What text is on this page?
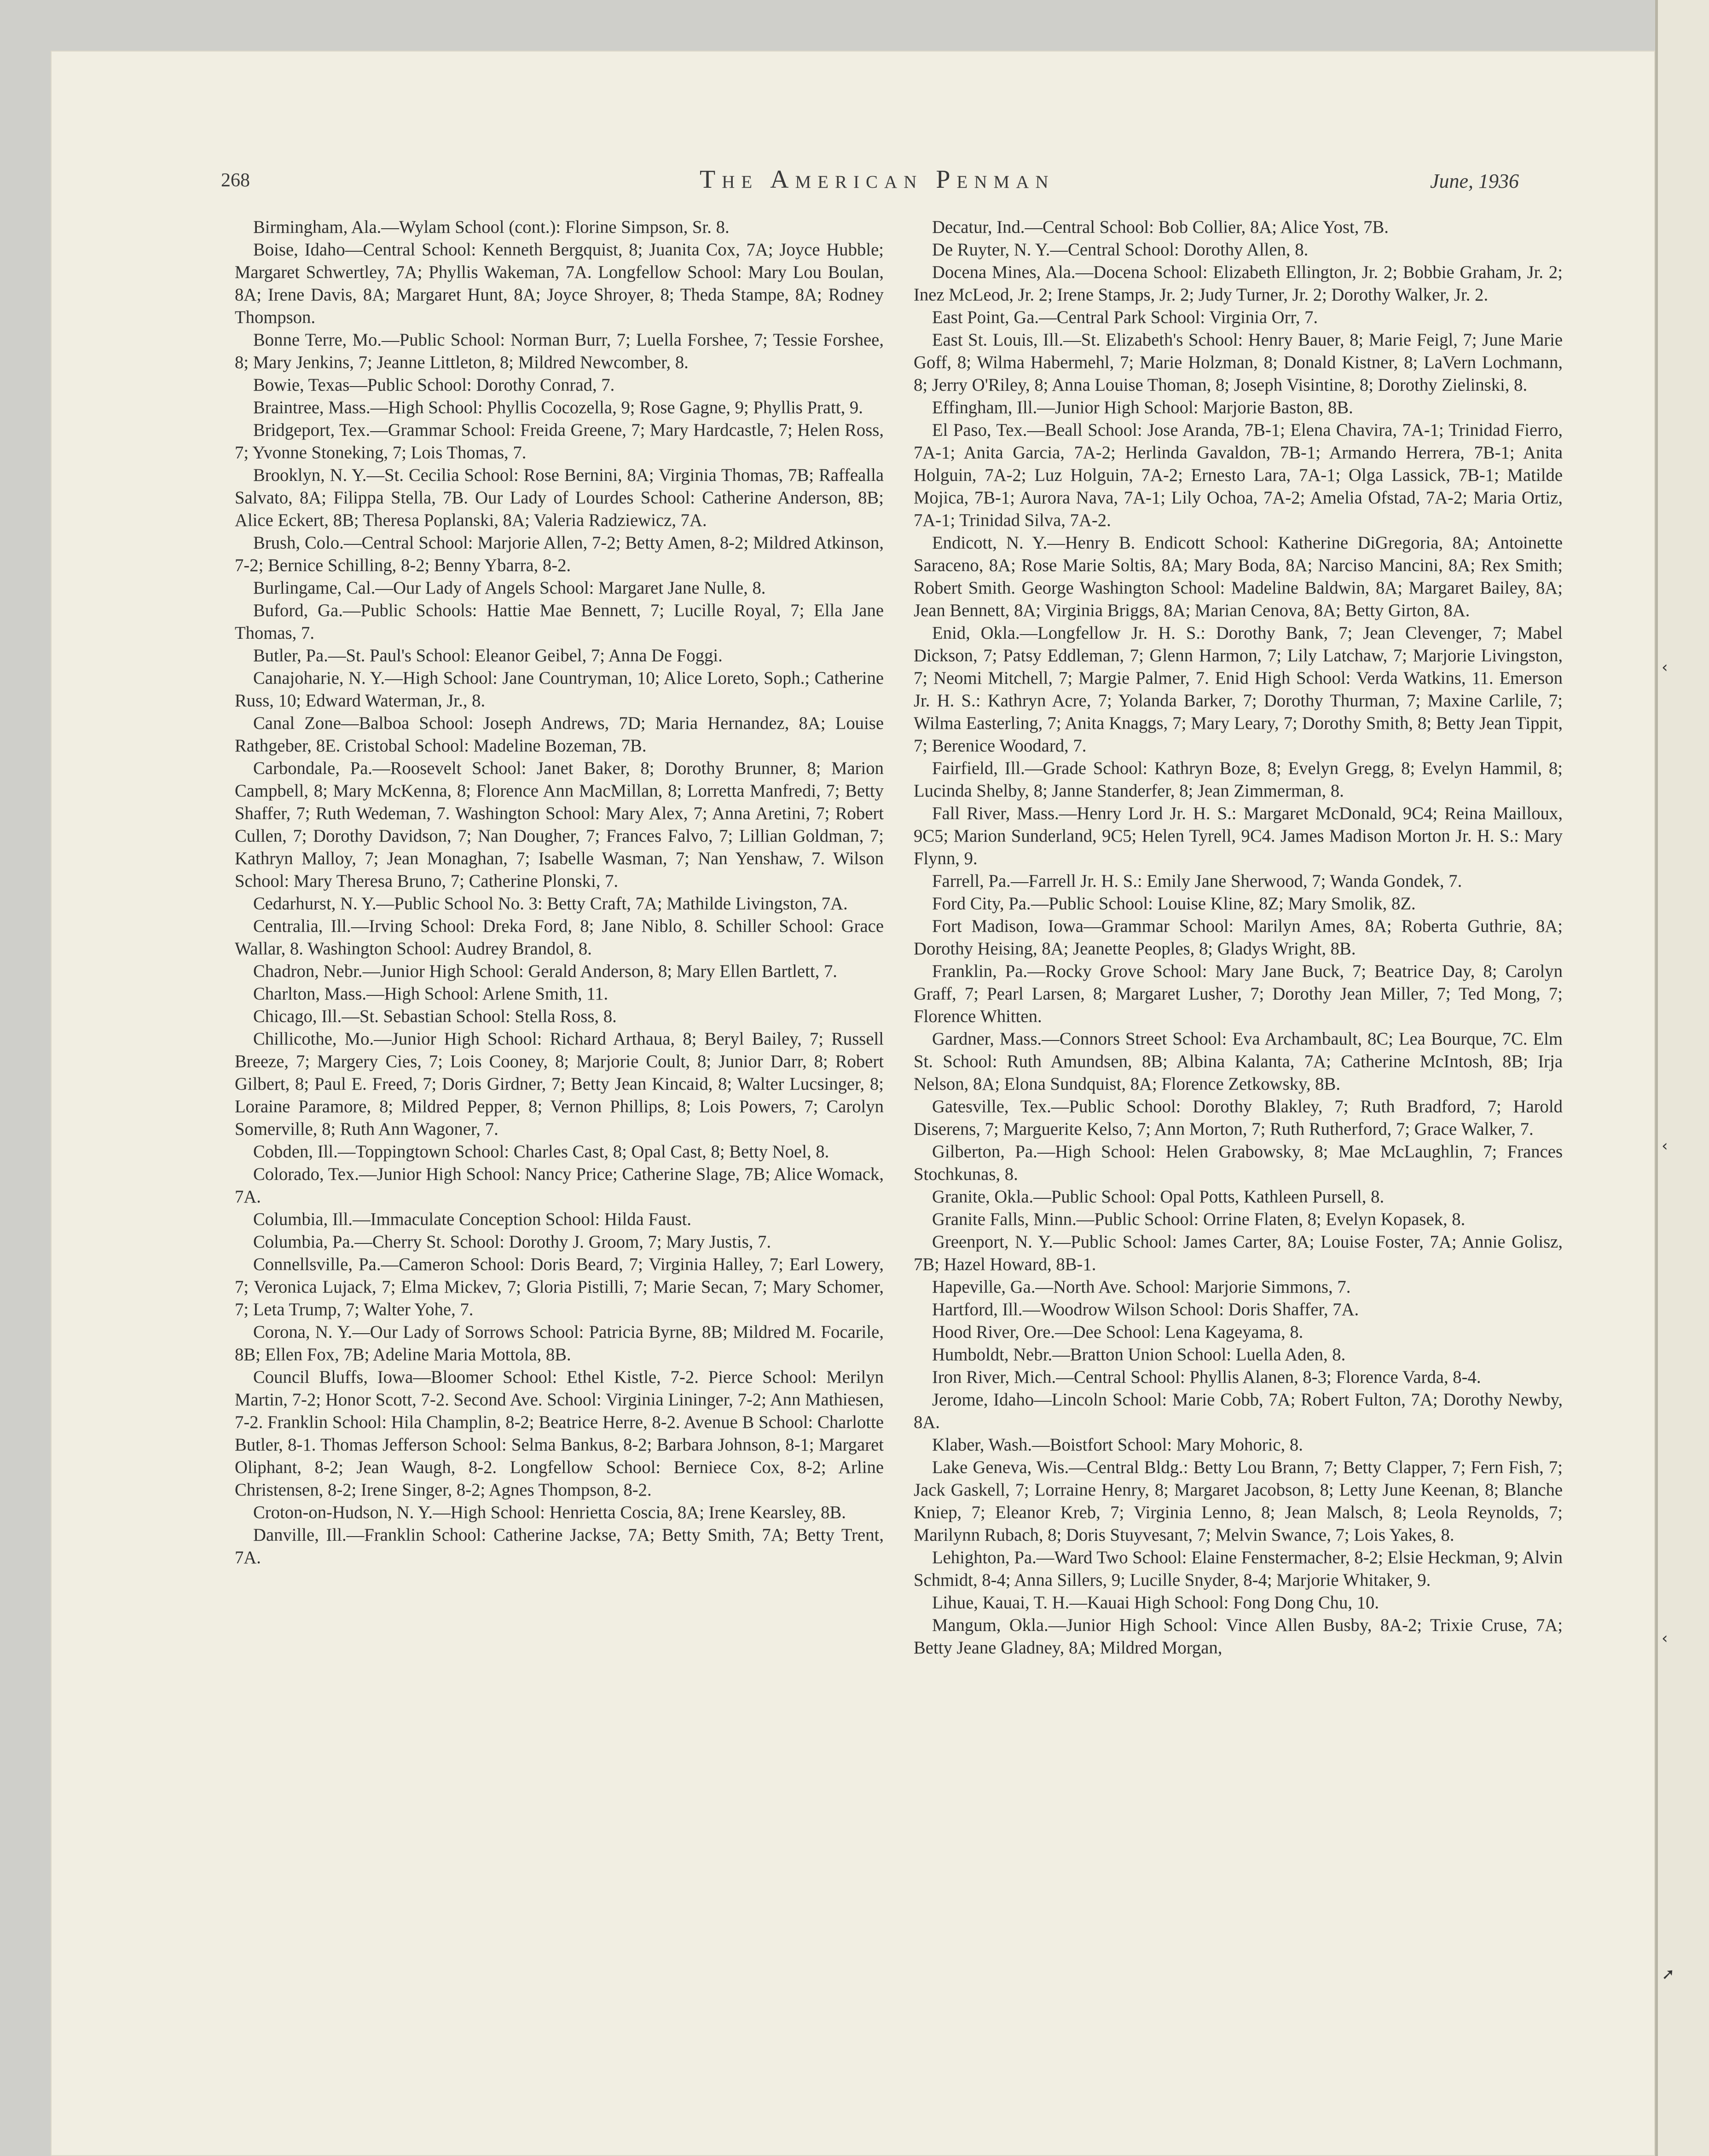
268	The American Penman	June, 1936

Birmingham, Ala.—Wylam School (cont.): Florine Simpson, Sr. 8.

Boise, Idaho—Central School: Kenneth Bergquist, 8; Juanita Cox, 7A; Joyce Hubble; Margaret Schwertley, 7A; Phyllis Wakeman, 7A. Longfellow School: Mary Lou Boulan, 8A; Irene Davis, 8A; Margaret Hunt, 8A; Joyce Shroyer, 8; Theda Stampe, 8A; Rodney Thompson.

Bonne Terre, Mo.—Public School: Norman Burr, 7; Luella Forshee, 7; Tessie Forshee, 8; Mary Jenkins, 7; Jeanne Littleton, 8; Mildred Newcomber, 8.

Bowie, Texas—Public School: Dorothy Conrad, 7.

Braintree, Mass.—High School: Phyllis Cocozella, 9; Rose Gagne, 9; Phyllis Pratt, 9.

Bridgeport, Tex.—Grammar School: Freida Greene, 7; Mary Hardcastle, 7; Helen Ross, 7; Yvonne Stoneking, 7; Lois Thomas, 7.

Brooklyn, N. Y.—St. Cecilia School: Rose Bernini, 8A; Virginia Thomas, 7B; Raffealla Salvato, 8A; Filippa Stella, 7B. Our Lady of Lourdes School: Catherine Anderson, 8B; Alice Eckert, 8B; Theresa Poplanski, 8A; Valeria Radziewicz, 7A.

Brush, Colo.—Central School: Marjorie Allen, 7-2; Betty Amen, 8-2; Mildred Atkinson, 7-2; Bernice Schilling, 8-2; Benny Ybarra, 8-2.

Burlingame, Cal.—Our Lady of Angels School: Margaret Jane Nulle, 8.

Buford, Ga.—Public Schools: Hattie Mae Bennett, 7; Lucille Royal, 7; Ella Jane Thomas, 7.

Butler, Pa.—St. Paul's School: Eleanor Geibel, 7; Anna De Foggi.

Canajoharie, N. Y.—High School: Jane Countryman, 10; Alice Loreto, Soph.; Catherine Russ, 10; Edward Waterman, Jr., 8.

Canal Zone—Balboa School: Joseph Andrews, 7D; Maria Hernandez, 8A; Louise Rathgeber, 8E. Cristobal School: Madeline Bozeman, 7B.

Carbondale, Pa.—Roosevelt School: Janet Baker, 8; Dorothy Brunner, 8; Marion Campbell, 8; Mary McKenna, 8; Florence Ann MacMillan, 8; Lorretta Manfredi, 7; Betty Shaffer, 7; Ruth Wedeman, 7. Washington School: Mary Alex, 7; Anna Aretini, 7; Robert Cullen, 7; Dorothy Davidson, 7; Nan Dougher, 7; Frances Falvo, 7; Lillian Goldman, 7; Kathryn Malloy, 7; Jean Monaghan, 7; Isabelle Wasman, 7; Nan Yenshaw, 7. Wilson School: Mary Theresa Bruno, 7; Catherine Plonski, 7.

Cedarhurst, N. Y.—Public School No. 3: Betty Craft, 7A; Mathilde Livingston, 7A.

Centralia, Ill.—Irving School: Dreka Ford, 8; Jane Niblo, 8. Schiller School: Grace Wallar, 8. Washington School: Audrey Brandol, 8.

Chadron, Nebr.—Junior High School: Gerald Anderson, 8; Mary Ellen Bartlett, 7.

Charlton, Mass.—High School: Arlene Smith, 11.

Chicago, Ill.—St. Sebastian School: Stella Ross, 8.

Chillicothe, Mo.—Junior High School: Richard Arthaua, 8; Beryl Bailey, 7; Russell Breeze, 7; Margery Cies, 7; Lois Cooney, 8; Marjorie Coult, 8; Junior Darr, 8; Robert Gilbert, 8; Paul E. Freed, 7; Doris Girdner, 7; Betty Jean Kincaid, 8; Walter Lucsinger, 8; Loraine Paramore, 8; Mildred Pepper, 8; Vernon Phillips, 8; Lois Powers, 7; Carolyn Somerville, 8; Ruth Ann Wagoner, 7.

Cobden, Ill.—Toppingtown School: Charles Cast, 8; Opal Cast, 8; Betty Noel, 8.

Colorado, Tex.—Junior High School: Nancy Price; Catherine Slage, 7B; Alice Womack, 7A.

Columbia, Ill.—Immaculate Conception School: Hilda Faust.

Columbia, Pa.—Cherry St. School: Dorothy J. Groom, 7; Mary Justis, 7.

Connellsville, Pa.—Cameron School: Doris Beard, 7; Virginia Halley, 7; Earl Lowery, 7; Veronica Lujack, 7; Elma Mickev, 7; Gloria Pistilli, 7; Marie Secan, 7; Mary Schomer, 7; Leta Trump, 7; Walter Yohe, 7.

Corona, N. Y.—Our Lady of Sorrows School: Patricia Byrne, 8B; Mildred M. Focarile, 8B; Ellen Fox, 7B; Adeline Maria Mottola, 8B.

Council Bluffs, Iowa—Bloomer School: Ethel Kistle, 7-2. Pierce School: Merilyn Martin, 7-2; Honor Scott, 7-2. Second Ave. School: Virginia Lininger, 7-2; Ann Mathiesen, 7-2. Franklin School: Hila Champlin, 8-2; Beatrice Herre, 8-2. Avenue B School: Charlotte Butler, 8-1. Thomas Jefferson School: Selma Bankus, 8-2; Barbara Johnson, 8-1; Margaret Oliphant, 8-2; Jean Waugh, 8-2. Longfellow School: Berniece Cox, 8-2; Arline Christensen, 8-2; Irene Singer, 8-2; Agnes Thompson, 8-2.

Croton-on-Hudson, N. Y.—High School: Henrietta Coscia, 8A; Irene Kearsley, 8B.

Danville, Ill.—Franklin School: Catherine Jackse, 7A; Betty Smith, 7A; Betty Trent, 7A.

Decatur, Ind.—Central School: Bob Collier, 8A; Alice Yost, 7B.

De Ruyter, N. Y.—Central School: Dorothy Allen, 8.

Docena Mines, Ala.—Docena School: Elizabeth Ellington, Jr. 2; Bobbie Graham, Jr. 2; Inez McLeod, Jr. 2; Irene Stamps, Jr. 2; Judy Turner, Jr. 2; Dorothy Walker, Jr. 2.

East Point, Ga.—Central Park School: Virginia Orr, 7.

East St. Louis, Ill.—St. Elizabeth's School: Henry Bauer, 8; Marie Feigl, 7; June Marie Goff, 8; Wilma Habermehl, 7; Marie Holzman, 8; Donald Kistner, 8; LaVern Lochmann, 8; Jerry O'Riley, 8; Anna Louise Thoman, 8; Joseph Visintine, 8; Dorothy Zielinski, 8.

Effingham, Ill.—Junior High School: Marjorie Baston, 8B.

El Paso, Tex.—Beall School: Jose Aranda, 7B-1; Elena Chavira, 7A-1; Trinidad Fierro, 7A-1; Anita Garcia, 7A-2; Herlinda Gavaldon, 7B-1; Armando Herrera, 7B-1; Anita Holguin, 7A-2; Luz Holguin, 7A-2; Ernesto Lara, 7A-1; Olga Lassick, 7B-1; Matilde Mojica, 7B-1; Aurora Nava, 7A-1; Lily Ochoa, 7A-2; Amelia Ofstad, 7A-2; Maria Ortiz, 7A-1; Trinidad Silva, 7A-2.

Endicott, N. Y.—Henry B. Endicott School: Katherine DiGregoria, 8A; Antoinette Saraceno, 8A; Rose Marie Soltis, 8A; Mary Boda, 8A; Narciso Mancini, 8A; Rex Smith; Robert Smith. George Washington School: Madeline Baldwin, 8A; Margaret Bailey, 8A; Jean Bennett, 8A; Virginia Briggs, 8A; Marian Cenova, 8A; Betty Girton, 8A.

Enid, Okla.—Longfellow Jr. H. S.: Dorothy Bank, 7; Jean Clevenger, 7; Mabel Dickson, 7; Patsy Eddleman, 7; Glenn Harmon, 7; Lily Latchaw, 7; Marjorie Livingston, 7; Neomi Mitchell, 7; Margie Palmer, 7. Enid High School: Verda Watkins, 11. Emerson Jr. H. S.: Kathryn Acre, 7; Yolanda Barker, 7; Dorothy Thurman, 7; Maxine Carlile, 7; Wilma Easterling, 7; Anita Knaggs, 7; Mary Leary, 7; Dorothy Smith, 8; Betty Jean Tippit, 7; Berenice Woodard, 7.

Fairfield, Ill.—Grade School: Kathryn Boze, 8; Evelyn Gregg, 8; Evelyn Hammil, 8; Lucinda Shelby, 8; Janne Standerfer, 8; Jean Zimmerman, 8.

Fall River, Mass.—Henry Lord Jr. H. S.: Margaret McDonald, 9C4; Reina Mailloux, 9C5; Marion Sunderland, 9C5; Helen Tyrell, 9C4. James Madison Morton Jr. H. S.: Mary Flynn, 9.

Farrell, Pa.—Farrell Jr. H. S.: Emily Jane Sherwood, 7; Wanda Gondek, 7.

Ford City, Pa.—Public School: Louise Kline, 8Z; Mary Smolik, 8Z.

Fort Madison, Iowa—Grammar School: Marilyn Ames, 8A; Roberta Guthrie, 8A; Dorothy Heising, 8A; Jeanette Peoples, 8; Gladys Wright, 8B.

Franklin, Pa.—Rocky Grove School: Mary Jane Buck, 7; Beatrice Day, 8; Carolyn Graff, 7; Pearl Larsen, 8; Margaret Lusher, 7; Dorothy Jean Miller, 7; Ted Mong, 7; Florence Whitten.

Gardner, Mass.—Connors Street School: Eva Archambault, 8C; Lea Bourque, 7C. Elm St. School: Ruth Amundsen, 8B; Albina Kalanta, 7A; Catherine McIntosh, 8B; Irja Nelson, 8A; Elona Sundquist, 8A; Florence Zetkowsky, 8B.

Gatesville, Tex.—Public School: Dorothy Blakley, 7; Ruth Bradford, 7; Harold Diserens, 7; Marguerite Kelso, 7; Ann Morton, 7; Ruth Rutherford, 7; Grace Walker, 7.

Gilberton, Pa.—High School: Helen Grabowsky, 8; Mae McLaughlin, 7; Frances Stochkunas, 8.

Granite, Okla.—Public School: Opal Potts, Kathleen Pursell, 8.

Granite Falls, Minn.—Public School: Orrine Flaten, 8; Evelyn Kopasek, 8.

Greenport, N. Y.—Public School: James Carter, 8A; Louise Foster, 7A; Annie Golisz, 7B; Hazel Howard, 8B-1.

Hapeville, Ga.—North Ave. School: Marjorie Simmons, 7.

Hartford, Ill.—Woodrow Wilson School: Doris Shaffer, 7A.

Hood River, Ore.—Dee School: Lena Kageyama, 8.

Humboldt, Nebr.—Bratton Union School: Luella Aden, 8.

Iron River, Mich.—Central School: Phyllis Alanen, 8-3; Florence Varda, 8-4.

Jerome, Idaho—Lincoln School: Marie Cobb, 7A; Robert Fulton, 7A; Dorothy Newby, 8A.

Klaber, Wash.—Boistfort School: Mary Mohoric, 8.

Lake Geneva, Wis.—Central Bldg.: Betty Lou Brann, 7; Betty Clapper, 7; Fern Fish, 7; Jack Gaskell, 7; Lorraine Henry, 8; Margaret Jacobson, 8; Letty June Keenan, 8; Blanche Kniep, 7; Eleanor Kreb, 7; Virginia Lenno, 8; Jean Malsch, 8; Leola Reynolds, 7; Marilynn Rubach, 8; Doris Stuyvesant, 7; Melvin Swance, 7; Lois Yakes, 8.

Lehighton, Pa.—Ward Two School: Elaine Fenstermacher, 8-2; Elsie Heckman, 9; Alvin Schmidt, 8-4; Anna Sillers, 9; Lucille Snyder, 8-4; Marjorie Whitaker, 9.

Lihue, Kauai, T. H.—Kauai High School: Fong Dong Chu, 10.

Mangum, Okla.—Junior High School: Vince Allen Busby, 8A-2; Trixie Cruse, 7A; Betty Jeane Gladney, 8A; Mildred Morgan,

‹
‹
‹
➚
